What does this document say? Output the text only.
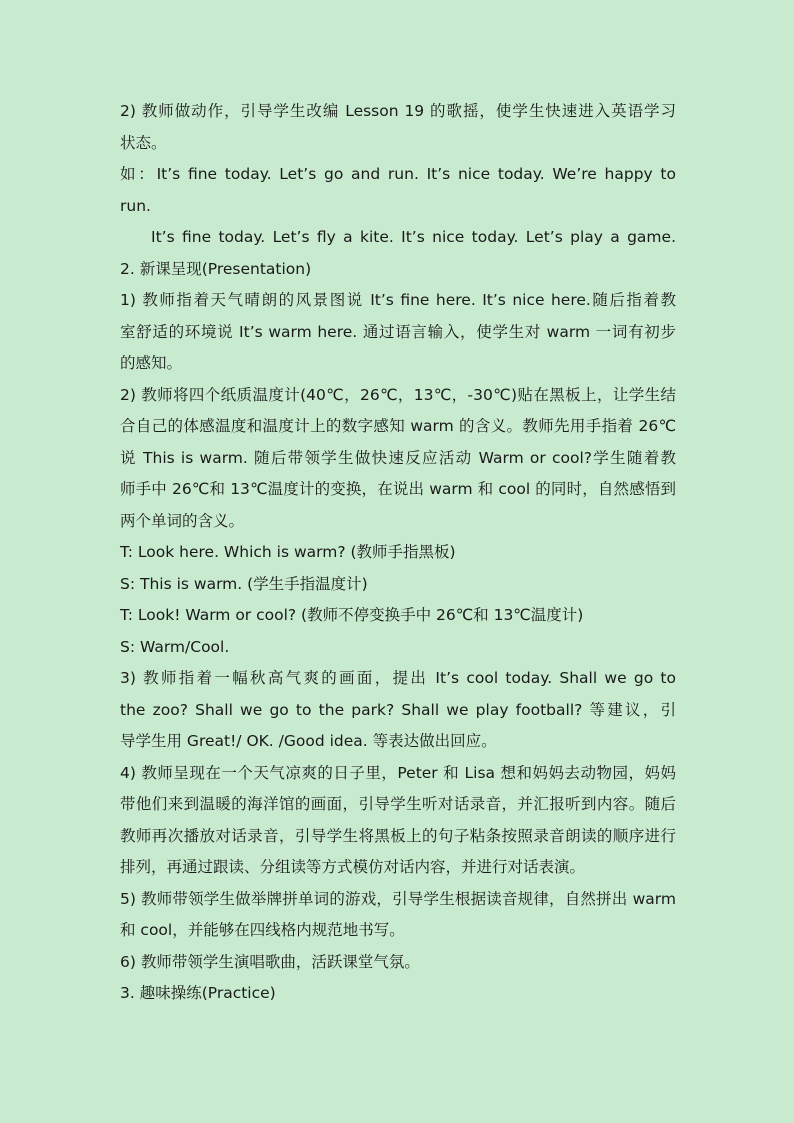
2) 教师做动作，引导学生改编 Lesson 19 的歌摇，使学生快速进入英语学习
状态。
如：It’s fine today. Let’s go and run. It’s nice today. We’re happy to
run.
It’s fine today. Let’s fly a kite. It’s nice today. Let’s play a game.
2. 新课呈现(Presentation)
1) 教师指着天气晴朗的风景图说 It’s fine here. It’s nice here.随后指着教
室舒适的环境说 It’s warm here. 通过语言输入，使学生对 warm 一词有初步
的感知。
2) 教师将四个纸质温度计(40℃，26℃，13℃，-30℃)贴在黑板上，让学生结
合自己的体感温度和温度计上的数字感知 warm 的含义。教师先用手指着 26℃
说 This is warm. 随后带领学生做快速反应活动 Warm or cool?学生随着教
师手中 26℃和 13℃温度计的变换，在说出 warm 和 cool 的同时，自然感悟到
两个单词的含义。
T: Look here. Which is warm? (教师手指黑板)
S: This is warm. (学生手指温度计)
T: Look! Warm or cool? (教师不停变换手中 26℃和 13℃温度计)
S: Warm/Cool.
3) 教师指着一幅秋高气爽的画面，提出 It’s cool today. Shall we go to
the zoo? Shall we go to the park? Shall we play football? 等建议，引
导学生用 Great!/ OK. /Good idea. 等表达做出回应。
4) 教师呈现在一个天气凉爽的日子里，Peter 和 Lisa 想和妈妈去动物园，妈妈
带他们来到温暖的海洋馆的画面，引导学生听对话录音，并汇报听到内容。随后
教师再次播放对话录音，引导学生将黑板上的句子粘条按照录音朗读的顺序进行
排列，再通过跟读、分组读等方式模仿对话内容，并进行对话表演。
5) 教师带领学生做举牌拼单词的游戏，引导学生根据读音规律，自然拼出 warm
和 cool，并能够在四线格内规范地书写。
6) 教师带领学生演唱歌曲，活跃课堂气氛。
3. 趣味操练(Practice)
